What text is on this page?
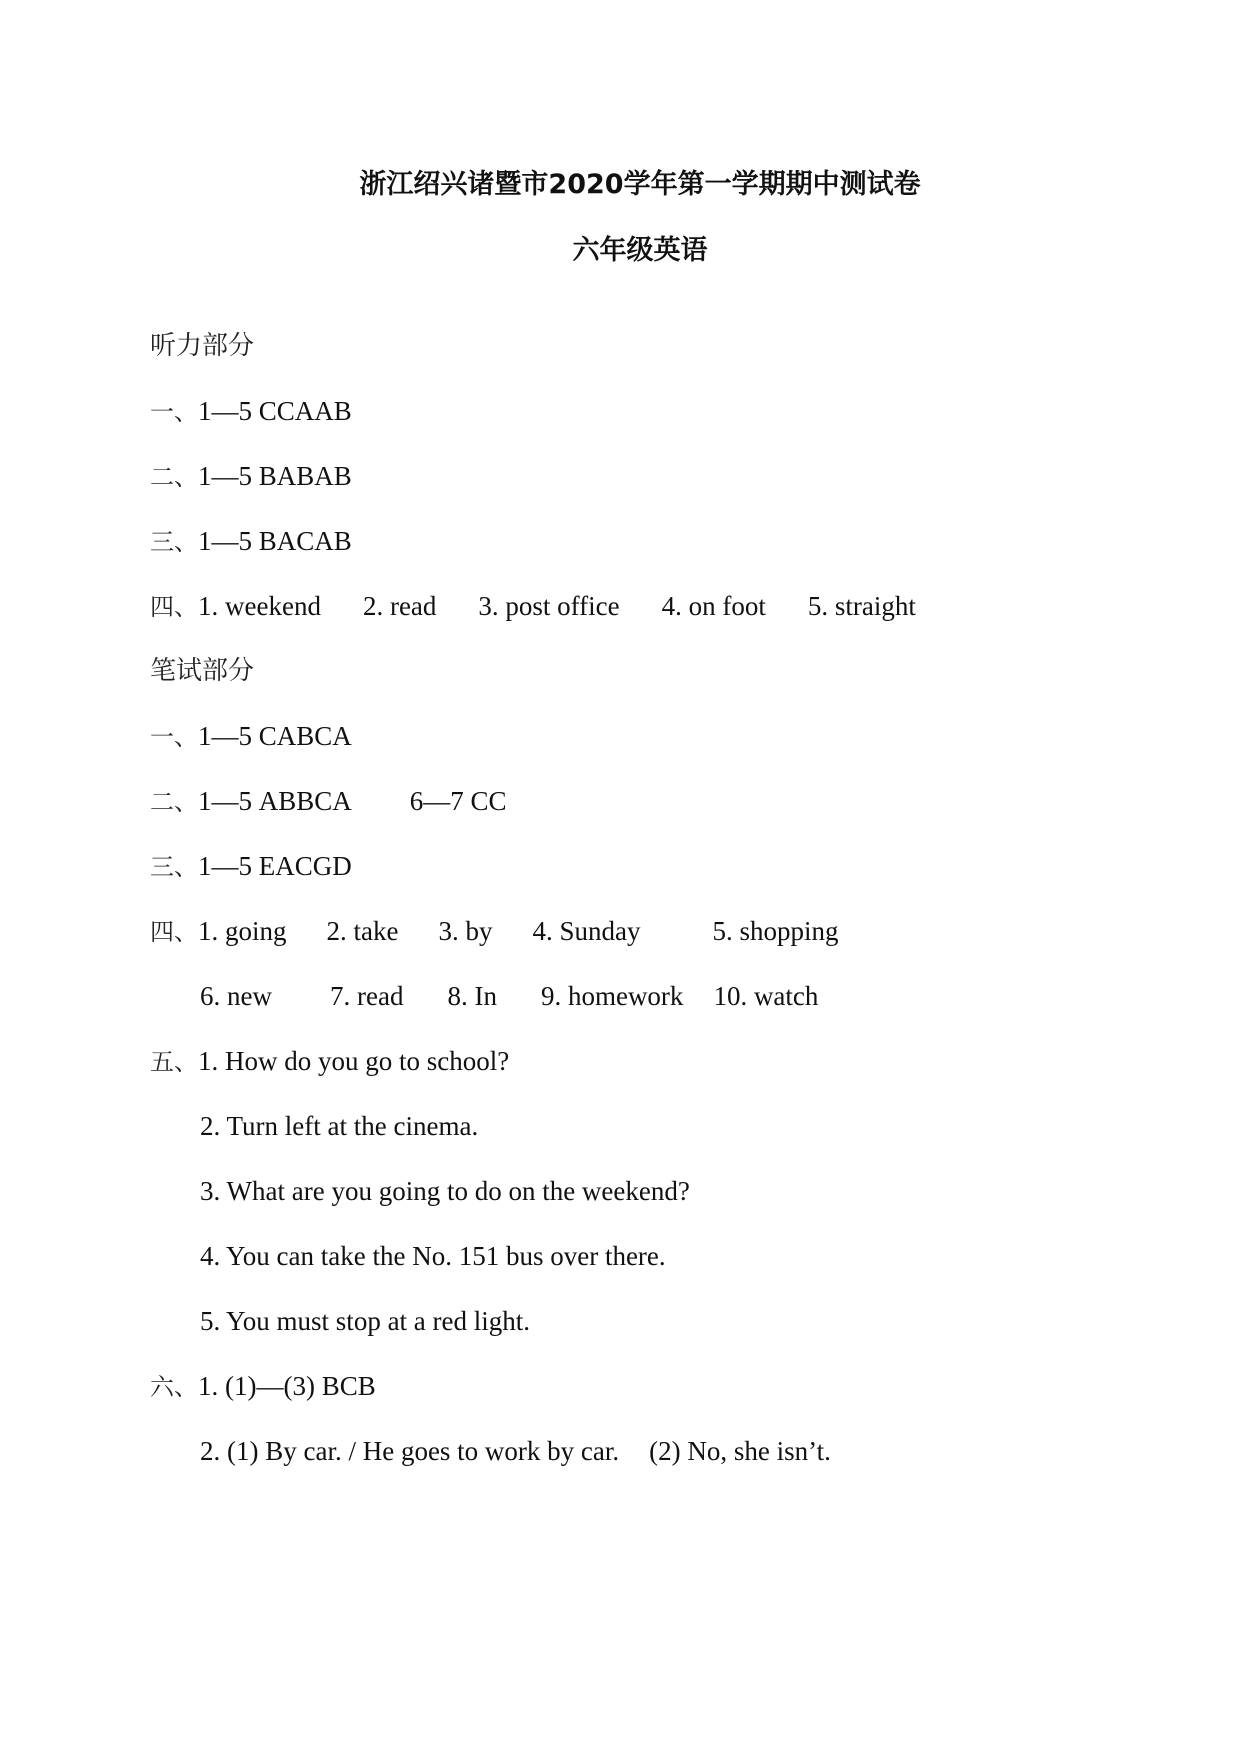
浙江绍兴诸暨市2020学年第一学期期中测试卷
六年级英语
听力部分
一、1—5 CCAAB
二、1—5 BABAB
三、1—5 BACAB
四、1. weekend 2. read 3. post office 4. on foot 5. straight
笔试部分
一、1—5 CABCA
二、1—5 ABBCA 6—7 CC
三、1—5 EACGD
四、1. going 2. take 3. by 4. Sunday	5. shopping
6. new 7. read 8. In 9. homework 10. watch
五、1. How do you go to school?
2. Turn left at the cinema.
3. What are you going to do on the weekend?
4. You can take the No. 151 bus over there.
5. You must stop at a red light.
六、1. (1)—(3) BCB
2. (1) By car. / He goes to work by car. (2) No, she isn’t.
